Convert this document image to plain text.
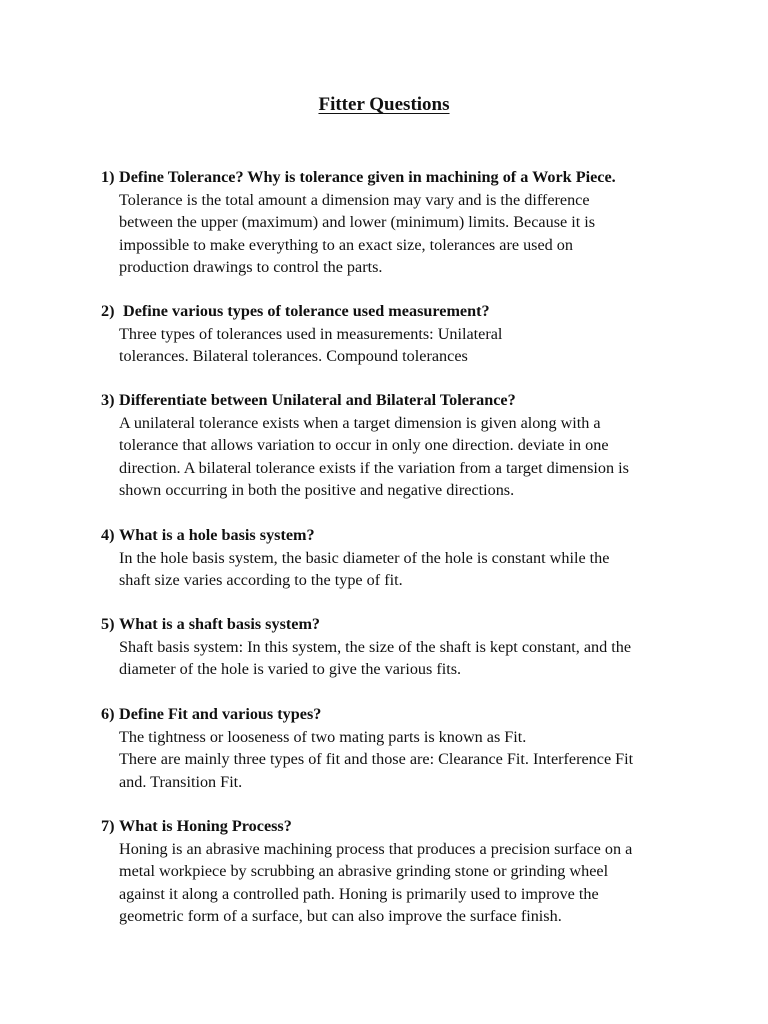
Fitter Questions
1) Define Tolerance? Why is tolerance given in machining of a Work Piece.
Tolerance is the total amount a dimension may vary and is the difference
between the upper (maximum) and lower (minimum) limits. Because it is
impossible to make everything to an exact size, tolerances are used on
production drawings to control the parts.
2) Define various types of tolerance used measurement?
Three types of tolerances used in measurements: Unilateral
tolerances. Bilateral tolerances. Compound tolerances
3) Differentiate between Unilateral and Bilateral Tolerance?
A unilateral tolerance exists when a target dimension is given along with a
tolerance that allows variation to occur in only one direction. deviate in one
direction. A bilateral tolerance exists if the variation from a target dimension is
shown occurring in both the positive and negative directions.
4) What is a hole basis system?
In the hole basis system, the basic diameter of the hole is constant while the
shaft size varies according to the type of fit.
5) What is a shaft basis system?
Shaft basis system: In this system, the size of the shaft is kept constant, and the
diameter of the hole is varied to give the various fits.
6) Define Fit and various types?
The tightness or looseness of two mating parts is known as Fit.
There are mainly three types of fit and those are: Clearance Fit. Interference Fit
and. Transition Fit.
7) What is Honing Process?
Honing is an abrasive machining process that produces a precision surface on a
metal workpiece by scrubbing an abrasive grinding stone or grinding wheel
against it along a controlled path. Honing is primarily used to improve the
geometric form of a surface, but can also improve the surface finish.
